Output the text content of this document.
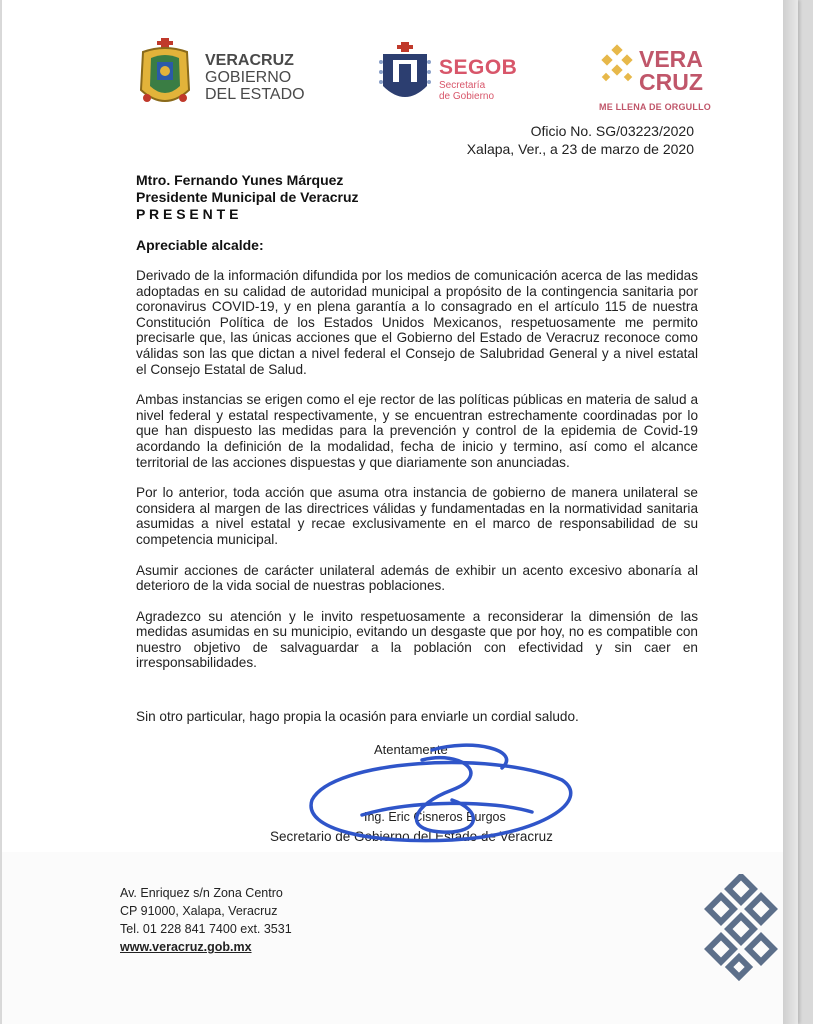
VERACRUZ
GOBIERNO
DEL ESTADO
SEGOB
Secretaría
de Gobierno
VERA
CRUZ
ME LLENA DE ORGULLO
Oficio No. SG/03223/2020
Xalapa, Ver., a 23 de marzo de 2020
Mtro. Fernando Yunes Márquez
Presidente Municipal de Veracruz
P R E S E N T E
Apreciable alcalde:

Derivado de la información difundida por los medios de comunicación acerca de las medidas adoptadas en su calidad de autoridad municipal a propósito de la contingencia sanitaria por coronavirus COVID-19, y en plena garantía a lo consagrado en el artículo 115 de nuestra Constitución Política de los Estados Unidos Mexicanos, respetuosamente me permito precisarle que, las únicas acciones que el Gobierno del Estado de Veracruz reconoce como válidas son las que dictan a nivel federal el Consejo de Salubridad General y a nivel estatal el Consejo Estatal de Salud.

Ambas instancias se erigen como el eje rector de las políticas públicas en materia de salud a nivel federal y estatal respectivamente, y se encuentran estrechamente coordinadas por lo que han dispuesto las medidas para la prevención y control de la epidemia de Covid-19 acordando la definición de la modalidad, fecha de inicio y termino, así como el alcance territorial de las acciones dispuestas y que diariamente son anunciadas.

Por lo anterior, toda acción que asuma otra instancia de gobierno de manera unilateral se considera al margen de las directrices válidas y fundamentadas en la normatividad sanitaria asumidas a nivel estatal y recae exclusivamente en el marco de responsabilidad de su competencia municipal.

Asumir acciones de carácter unilateral además de exhibir un acento excesivo abonaría al deterioro de la vida social de nuestras poblaciones.

Agradezco su atención y le invito respetuosamente a reconsiderar la dimensión de las medidas asumidas en su municipio, evitando un desgaste que por hoy, no es compatible con nuestro objetivo de salvaguardar a la población con efectividad y sin caer en irresponsabilidades.

Sin otro particular, hago propia la ocasión para enviarle un cordial saludo.
Atentamente
Ing. Eric Cisneros Burgos
Secretario de Gobierno del Estado de Veracruz
Av. Enriquez s/n Zona Centro
CP 91000, Xalapa, Veracruz
Tel. 01 228 841 7400 ext. 3531
www.veracruz.gob.mx
